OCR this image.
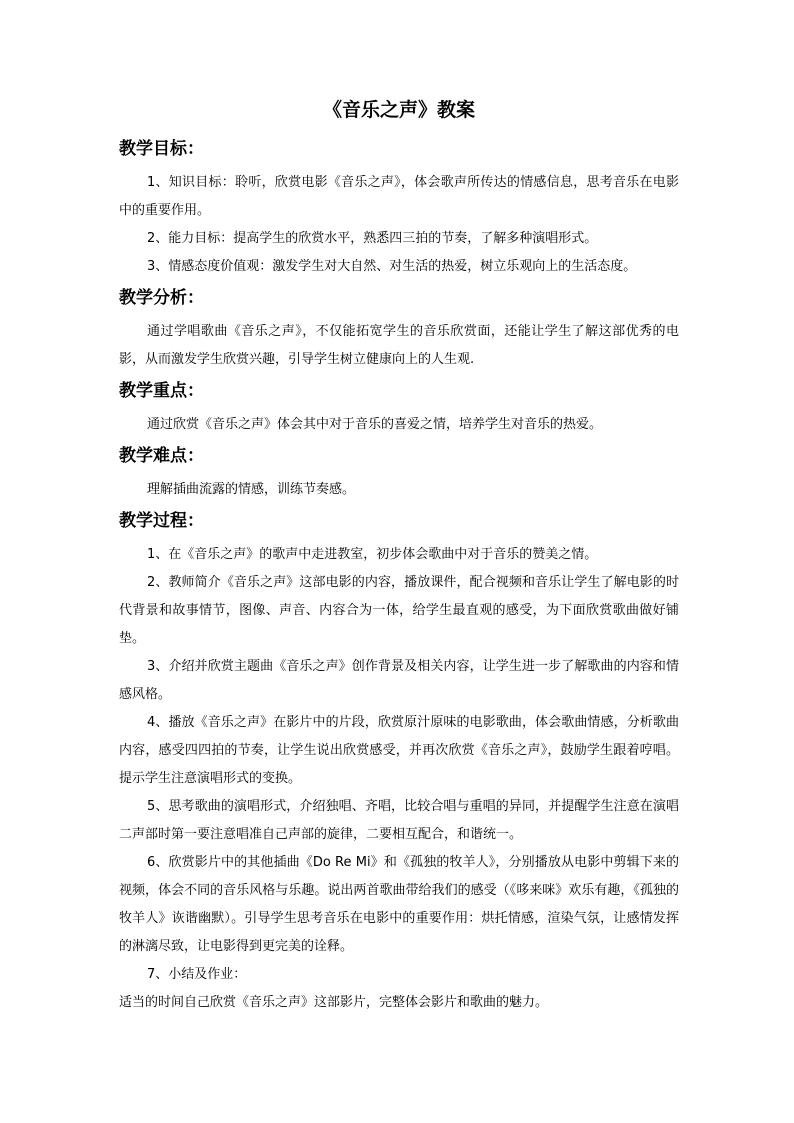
《音乐之声》教案
教学目标：

1、知识目标：聆听，欣赏电影《音乐之声》，体会歌声所传达的情感信息，思考音乐在电影中的重要作用。

2、能力目标：提高学生的欣赏水平，熟悉四三拍的节奏，了解多种演唱形式。

3、情感态度价值观：激发学生对大自然、对生活的热爱，树立乐观向上的生活态度。

教学分析：

通过学唱歌曲《音乐之声》，不仅能拓宽学生的音乐欣赏面，还能让学生了解这部优秀的电影，从而激发学生欣赏兴趣，引导学生树立健康向上的人生观.

教学重点：

通过欣赏《音乐之声》体会其中对于音乐的喜爱之情，培养学生对音乐的热爱。

教学难点：

理解插曲流露的情感，训练节奏感。

教学过程：

1、在《音乐之声》的歌声中走进教室，初步体会歌曲中对于音乐的赞美之情。

2、教师简介《音乐之声》这部电影的内容，播放课件，配合视频和音乐让学生了解电影的时代背景和故事情节，图像、声音、内容合为一体，给学生最直观的感受，为下面欣赏歌曲做好铺垫。

3、介绍并欣赏主题曲《音乐之声》创作背景及相关内容，让学生进一步了解歌曲的内容和情感风格。

4、播放《音乐之声》在影片中的片段，欣赏原汁原味的电影歌曲，体会歌曲情感，分析歌曲内容，感受四四拍的节奏，让学生说出欣赏感受，并再次欣赏《音乐之声》，鼓励学生跟着哼唱。提示学生注意演唱形式的变换。

5、思考歌曲的演唱形式，介绍独唱、齐唱，比较合唱与重唱的异同，并提醒学生注意在演唱二声部时第一要注意唱准自己声部的旋律，二要相互配合，和谐统一。

6、欣赏影片中的其他插曲《Do Re Mi》和《孤独的牧羊人》，分别播放从电影中剪辑下来的视频，体会不同的音乐风格与乐趣。说出两首歌曲带给我们的感受（《哆来咪》欢乐有趣，《孤独的牧羊人》诙谐幽默）。引导学生思考音乐在电影中的重要作用：烘托情感，渲染气氛，让感情发挥的淋漓尽致，让电影得到更完美的诠释。

7、小结及作业：

适当的时间自己欣赏《音乐之声》这部影片，完整体会影片和歌曲的魅力。
